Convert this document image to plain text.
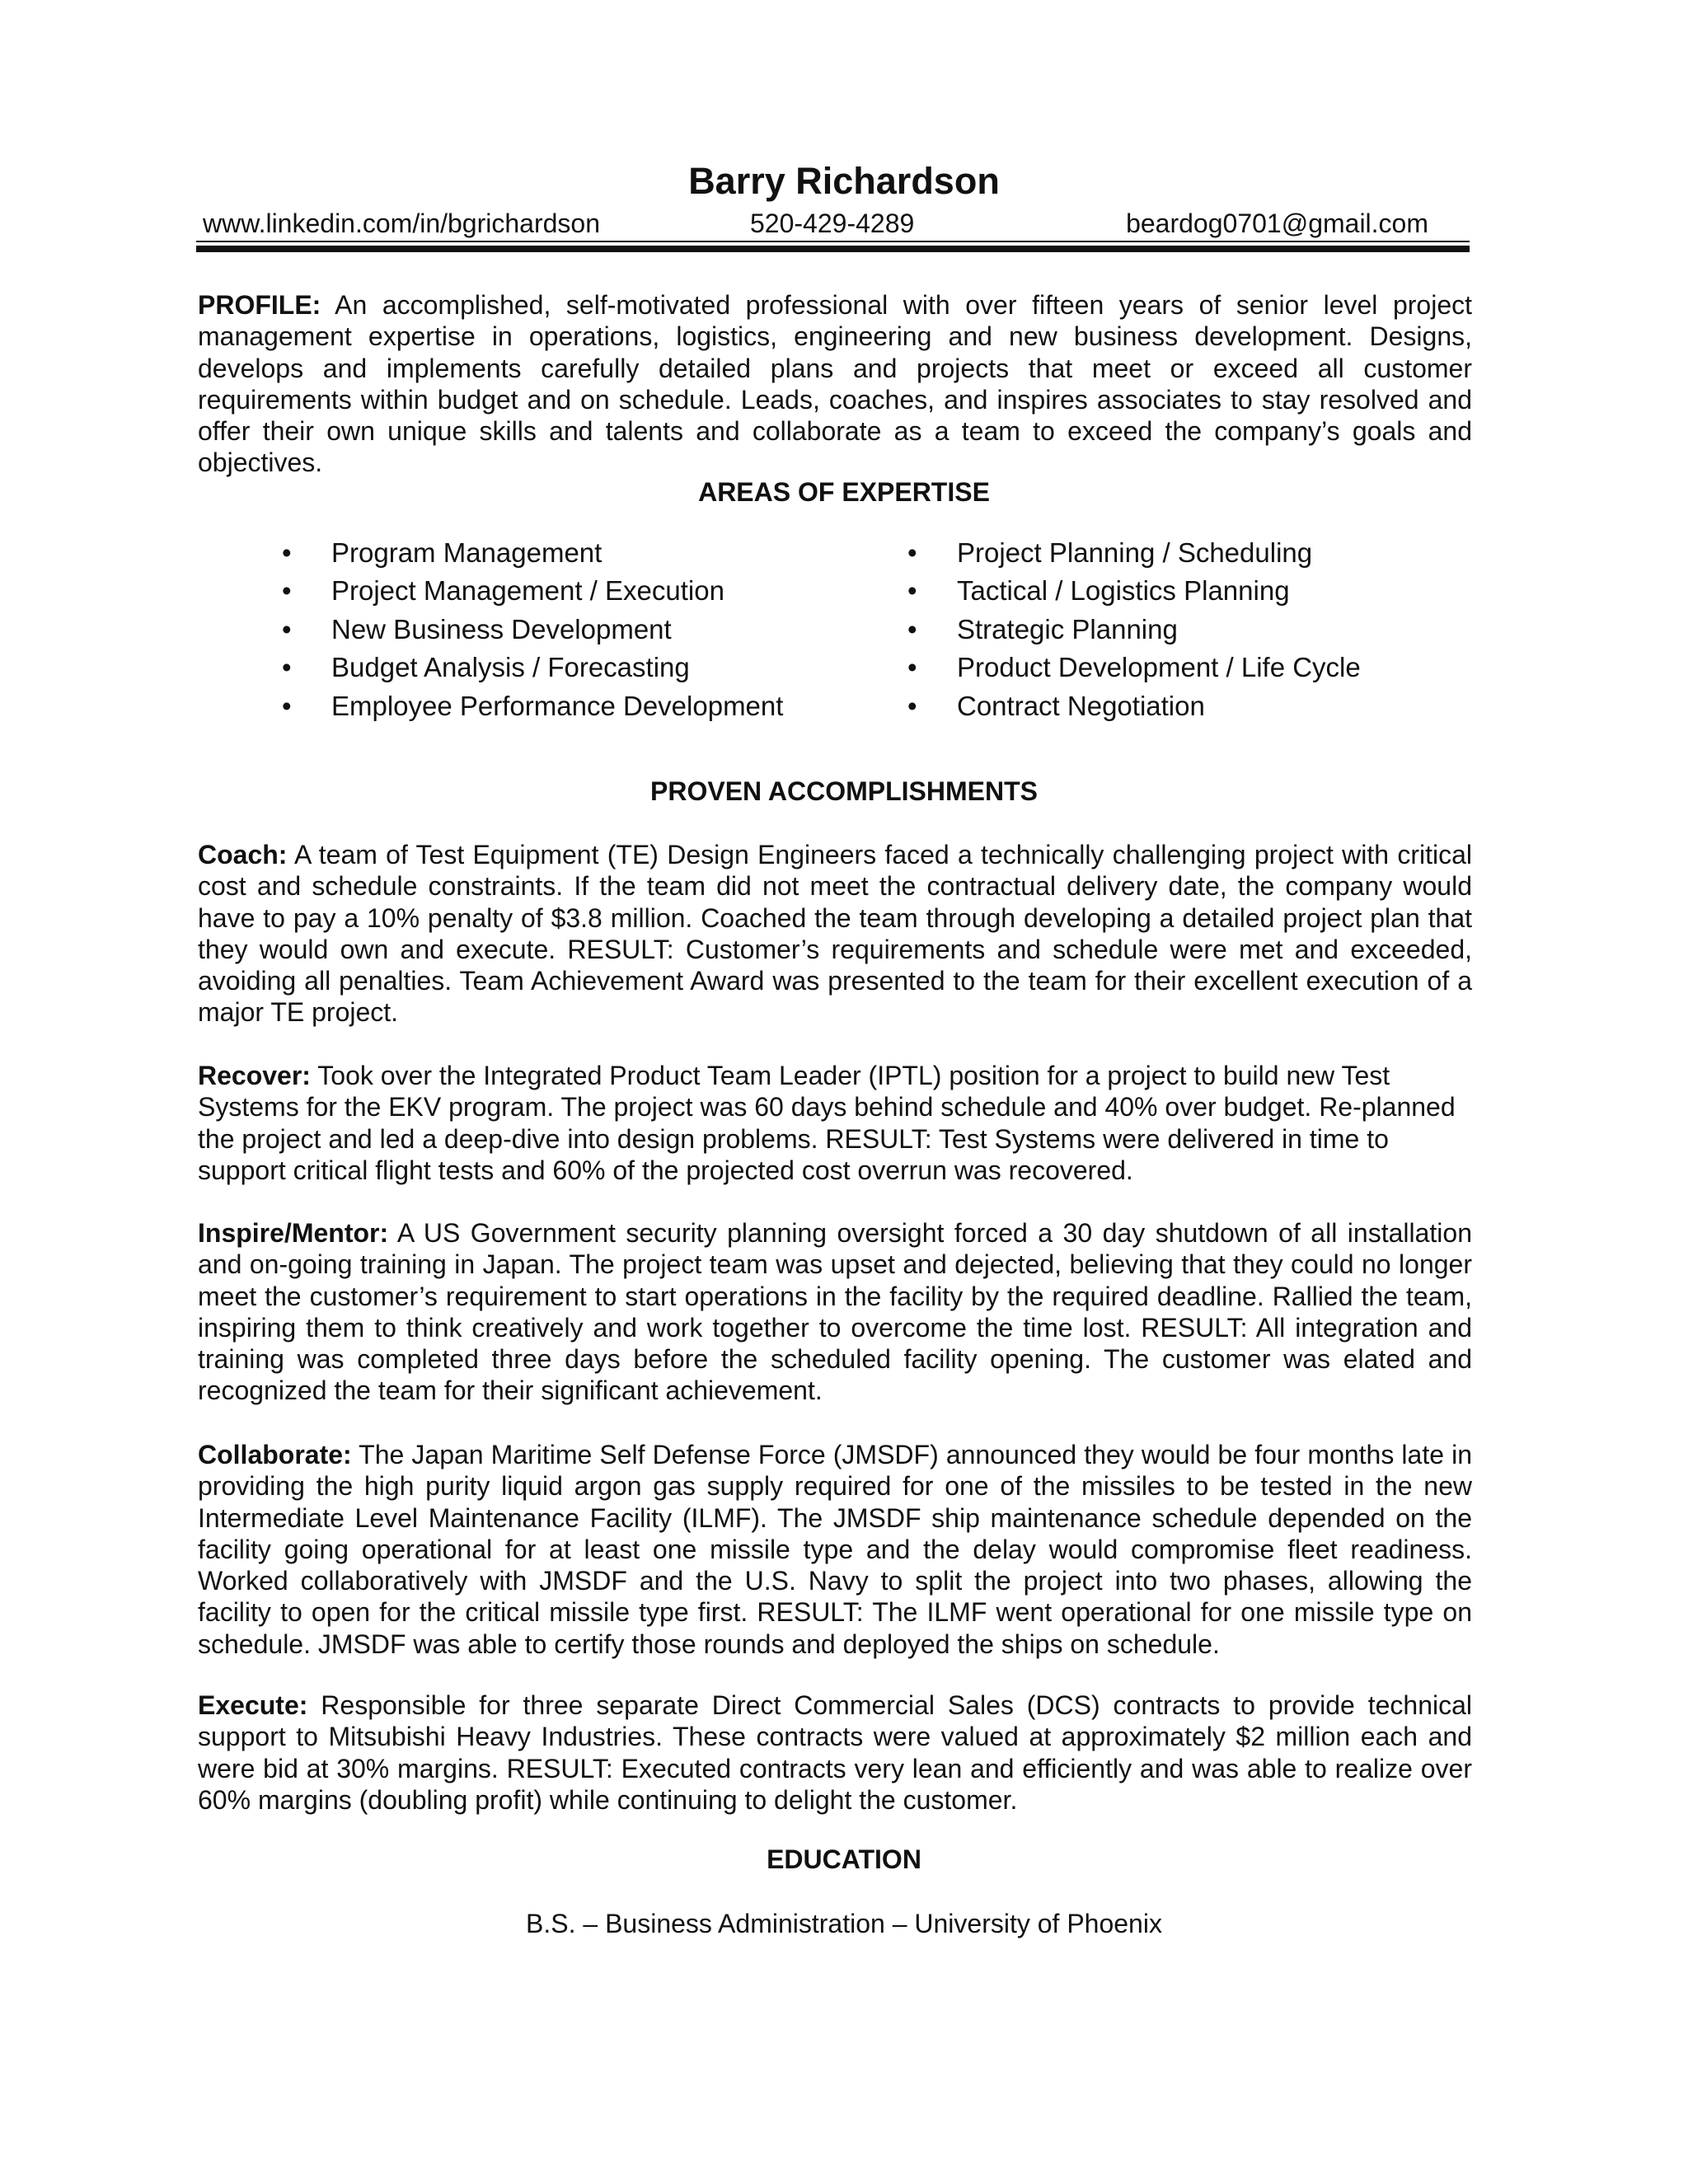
Barry Richardson
www.linkedin.com/in/bgrichardson	520-429-4289	beardog0701@gmail.com

PROFILE: An accomplished, self-motivated professional with over fifteen years of senior level project management expertise in operations, logistics, engineering and new business development. Designs, develops and implements carefully detailed plans and projects that meet or exceed all customer requirements within budget and on schedule. Leads, coaches, and inspires associates to stay resolved and offer their own unique skills and talents and collaborate as a team to exceed the company’s goals and objectives.

AREAS OF EXPERTISE
• Program Management
• Project Management / Execution
• New Business Development
• Budget Analysis / Forecasting
• Employee Performance Development
• Project Planning / Scheduling
• Tactical / Logistics Planning
• Strategic Planning
• Product Development / Life Cycle
• Contract Negotiation
PROVEN ACCOMPLISHMENTS

Coach: A team of Test Equipment (TE) Design Engineers faced a technically challenging project with critical cost and schedule constraints. If the team did not meet the contractual delivery date, the company would have to pay a 10% penalty of $3.8 million. Coached the team through developing a detailed project plan that they would own and execute. RESULT: Customer’s requirements and schedule were met and exceeded, avoiding all penalties. Team Achievement Award was presented to the team for their excellent execution of a major TE project.

Recover: Took over the Integrated Product Team Leader (IPTL) position for a project to build new Test Systems for the EKV program. The project was 60 days behind schedule and 40% over budget. Re-planned the project and led a deep-dive into design problems. RESULT: Test Systems were delivered in time to support critical flight tests and 60% of the projected cost overrun was recovered.

Inspire/Mentor: A US Government security planning oversight forced a 30 day shutdown of all installation and on-going training in Japan. The project team was upset and dejected, believing that they could no longer meet the customer’s requirement to start operations in the facility by the required deadline. Rallied the team, inspiring them to think creatively and work together to overcome the time lost. RESULT: All integration and training was completed three days before the scheduled facility opening. The customer was elated and recognized the team for their significant achievement.

Collaborate: The Japan Maritime Self Defense Force (JMSDF) announced they would be four months late in providing the high purity liquid argon gas supply required for one of the missiles to be tested in the new Intermediate Level Maintenance Facility (ILMF). The JMSDF ship maintenance schedule depended on the facility going operational for at least one missile type and the delay would compromise fleet readiness. Worked collaboratively with JMSDF and the U.S. Navy to split the project into two phases, allowing the facility to open for the critical missile type first. RESULT: The ILMF went operational for one missile type on schedule. JMSDF was able to certify those rounds and deployed the ships on schedule.

Execute: Responsible for three separate Direct Commercial Sales (DCS) contracts to provide technical support to Mitsubishi Heavy Industries. These contracts were valued at approximately $2 million each and were bid at 30% margins. RESULT: Executed contracts very lean and efficiently and was able to realize over 60% margins (doubling profit) while continuing to delight the customer.

EDUCATION
B.S. – Business Administration – University of Phoenix
